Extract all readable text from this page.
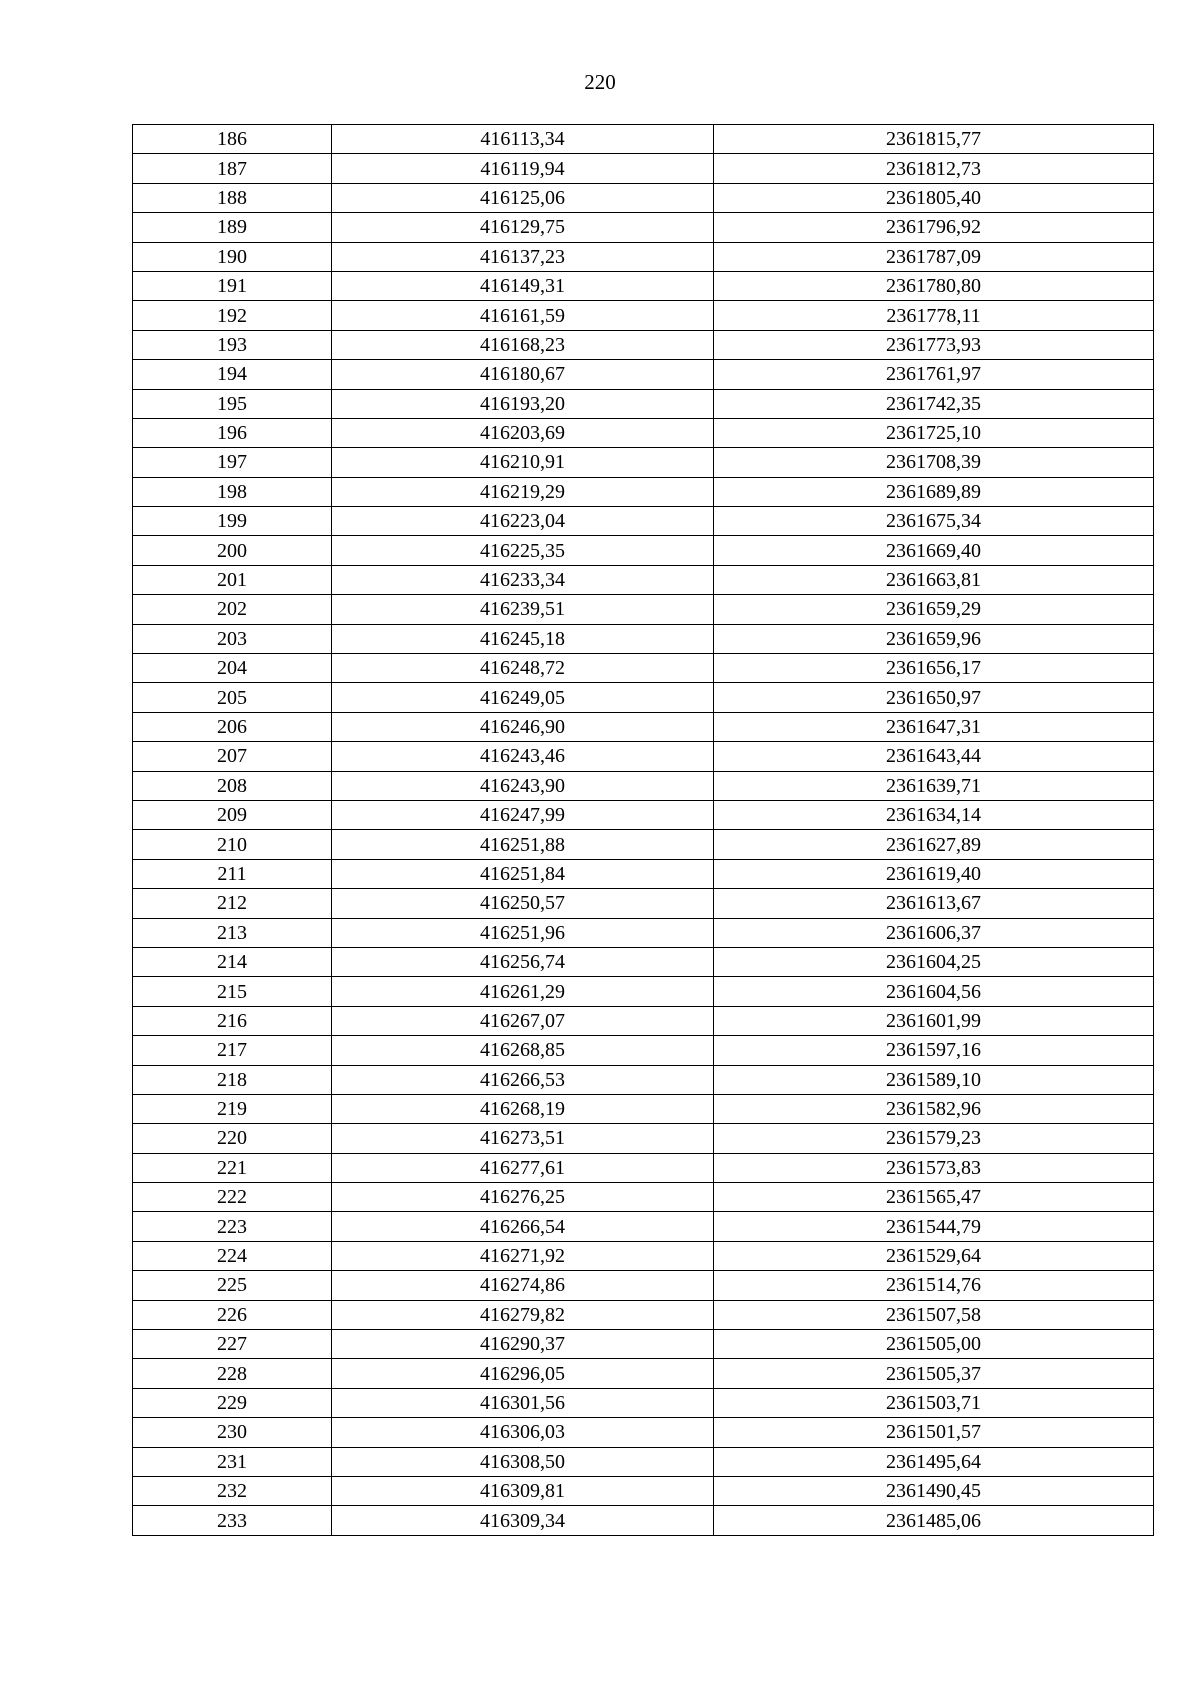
220
186	416113,34	2361815,77
187	416119,94	2361812,73
188	416125,06	2361805,40
189	416129,75	2361796,92
190	416137,23	2361787,09
191	416149,31	2361780,80
192	416161,59	2361778,11
193	416168,23	2361773,93
194	416180,67	2361761,97
195	416193,20	2361742,35
196	416203,69	2361725,10
197	416210,91	2361708,39
198	416219,29	2361689,89
199	416223,04	2361675,34
200	416225,35	2361669,40
201	416233,34	2361663,81
202	416239,51	2361659,29
203	416245,18	2361659,96
204	416248,72	2361656,17
205	416249,05	2361650,97
206	416246,90	2361647,31
207	416243,46	2361643,44
208	416243,90	2361639,71
209	416247,99	2361634,14
210	416251,88	2361627,89
211	416251,84	2361619,40
212	416250,57	2361613,67
213	416251,96	2361606,37
214	416256,74	2361604,25
215	416261,29	2361604,56
216	416267,07	2361601,99
217	416268,85	2361597,16
218	416266,53	2361589,10
219	416268,19	2361582,96
220	416273,51	2361579,23
221	416277,61	2361573,83
222	416276,25	2361565,47
223	416266,54	2361544,79
224	416271,92	2361529,64
225	416274,86	2361514,76
226	416279,82	2361507,58
227	416290,37	2361505,00
228	416296,05	2361505,37
229	416301,56	2361503,71
230	416306,03	2361501,57
231	416308,50	2361495,64
232	416309,81	2361490,45
233	416309,34	2361485,06
